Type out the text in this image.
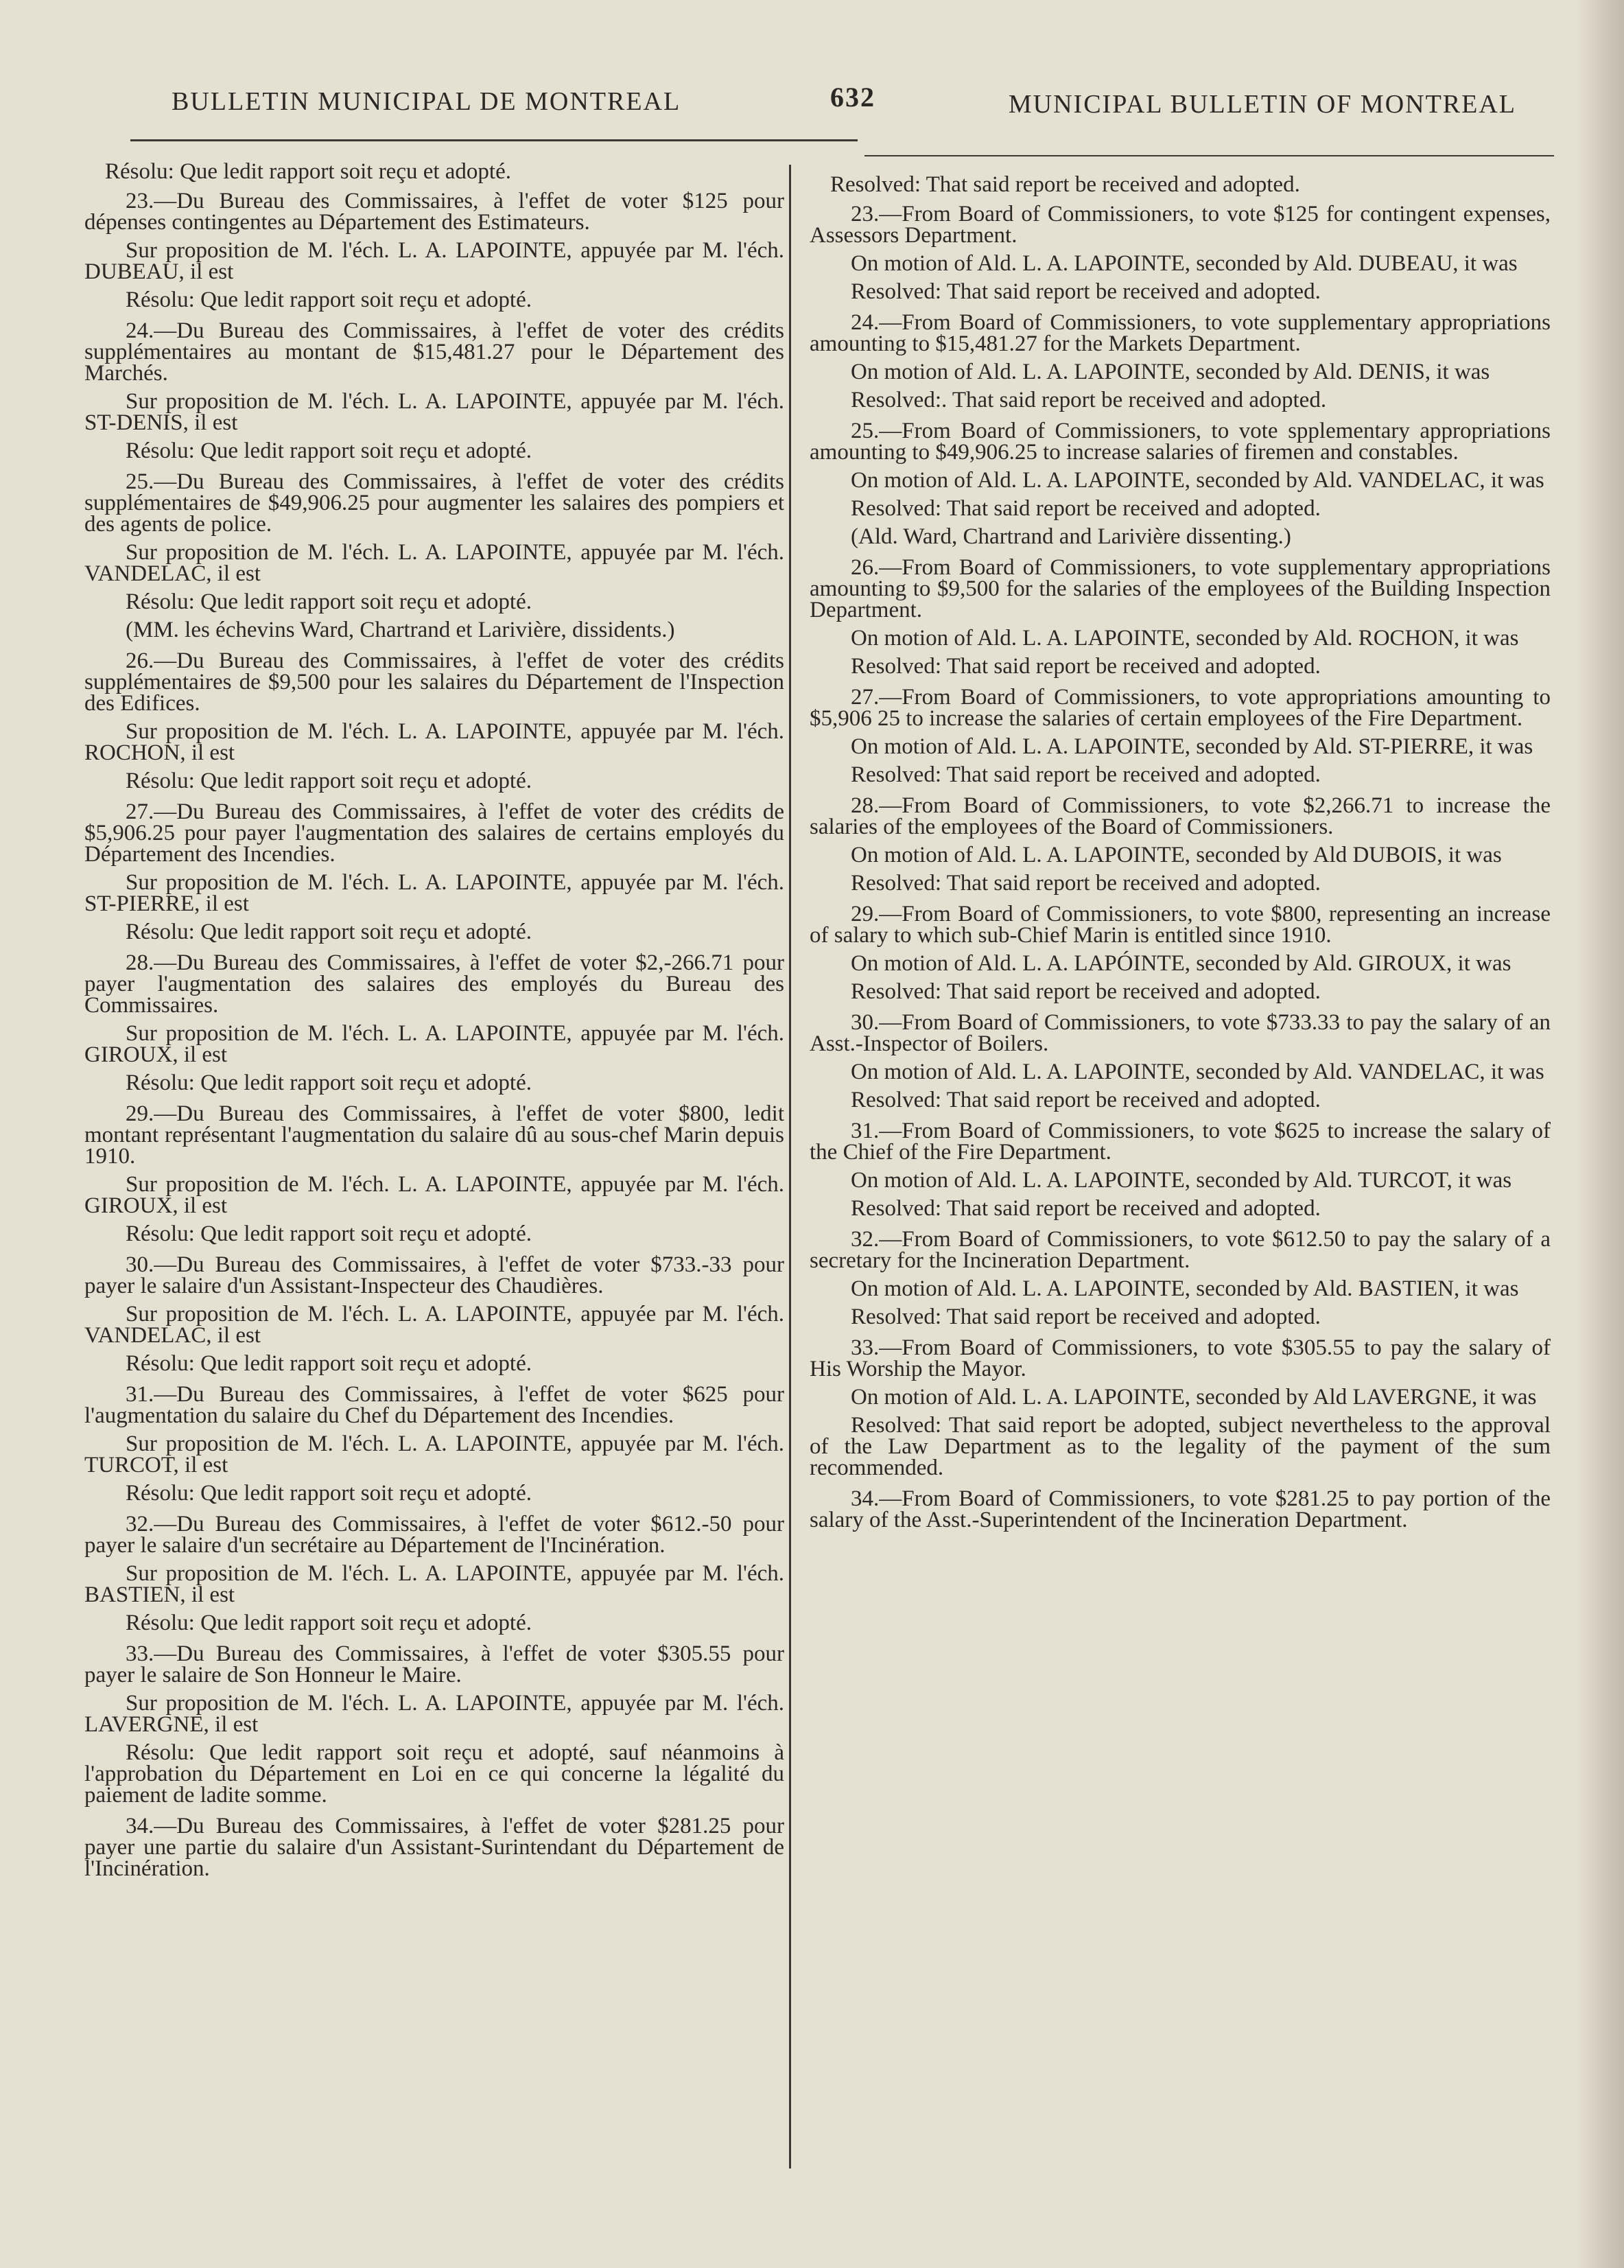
BULLETIN MUNICIPAL DE MONTREAL	632	MUNICIPAL BULLETIN OF MONTREAL

Résolu: Que ledit rapport soit reçu et adopté.

23.—Du Bureau des Commissaires, à l'effet de voter $125 pour dépenses contingentes au Département des Estimateurs.

Sur proposition de M. l'éch. L. A. LAPOINTE, appuyée par M. l'éch. DUBEAU, il est

Résolu: Que ledit rapport soit reçu et adopté.

24.—Du Bureau des Commissaires, à l'effet de voter des crédits supplémentaires au montant de $15,481.27 pour le Département des Marchés.

Sur proposition de M. l'éch. L. A. LAPOINTE, appuyée par M. l'éch. ST-DENIS, il est

Résolu: Que ledit rapport soit reçu et adopté.

25.—Du Bureau des Commissaires, à l'effet de voter des crédits supplémentaires de $49,906.25 pour augmenter les salaires des pompiers et des agents de police.

Sur proposition de M. l'éch. L. A. LAPOINTE, appuyée par M. l'éch. VANDELAC, il est

Résolu: Que ledit rapport soit reçu et adopté.

(MM. les échevins Ward, Chartrand et Larivière, dissidents.)

26.—Du Bureau des Commissaires, à l'effet de voter des crédits supplémentaires de $9,500 pour les salaires du Département de l'Inspection des Edifices.

Sur proposition de M. l'éch. L. A. LAPOINTE, appuyée par M. l'éch. ROCHON, il est

Résolu: Que ledit rapport soit reçu et adopté.

27.—Du Bureau des Commissaires, à l'effet de voter des crédits de $5,906.25 pour payer l'augmentation des salaires de certains employés du Département des Incendies.

Sur proposition de M. l'éch. L. A. LAPOINTE, appuyée par M. l'éch. ST-PIERRE, il est

Résolu: Que ledit rapport soit reçu et adopté.

28.—Du Bureau des Commissaires, à l'effet de voter $2,-266.71 pour payer l'augmentation des salaires des employés du Bureau des Commissaires.

Sur proposition de M. l'éch. L. A. LAPOINTE, appuyée par M. l'éch. GIROUX, il est

Résolu: Que ledit rapport soit reçu et adopté.

29.—Du Bureau des Commissaires, à l'effet de voter $800, ledit montant représentant l'augmentation du salaire dû au sous-chef Marin depuis 1910.

Sur proposition de M. l'éch. L. A. LAPOINTE, appuyée par M. l'éch. GIROUX, il est

Résolu: Que ledit rapport soit reçu et adopté.

30.—Du Bureau des Commissaires, à l'effet de voter $733.-33 pour payer le salaire d'un Assistant-Inspecteur des Chaudières.

Sur proposition de M. l'éch. L. A. LAPOINTE, appuyée par M. l'éch. VANDELAC, il est

Résolu: Que ledit rapport soit reçu et adopté.

31.—Du Bureau des Commissaires, à l'effet de voter $625 pour l'augmentation du salaire du Chef du Département des Incendies.

Sur proposition de M. l'éch. L. A. LAPOINTE, appuyée par M. l'éch. TURCOT, il est

Résolu: Que ledit rapport soit reçu et adopté.

32.—Du Bureau des Commissaires, à l'effet de voter $612.-50 pour payer le salaire d'un secrétaire au Département de l'Incinération.

Sur proposition de M. l'éch. L. A. LAPOINTE, appuyée par M. l'éch. BASTIEN, il est

Résolu: Que ledit rapport soit reçu et adopté.

33.—Du Bureau des Commissaires, à l'effet de voter $305.55 pour payer le salaire de Son Honneur le Maire.

Sur proposition de M. l'éch. L. A. LAPOINTE, appuyée par M. l'éch. LAVERGNE, il est

Résolu: Que ledit rapport soit reçu et adopté, sauf néanmoins à l'approbation du Département en Loi en ce qui concerne la légalité du paiement de ladite somme.

34.—Du Bureau des Commissaires, à l'effet de voter $281.25 pour payer une partie du salaire d'un Assistant-Surintendant du Département de l'Incinération.

Resolved: That said report be received and adopted.

23.—From Board of Commissioners, to vote $125 for contingent expenses, Assessors Department.

On motion of Ald. L. A. LAPOINTE, seconded by Ald. DUBEAU, it was

Resolved: That said report be received and adopted.

24.—From Board of Commissioners, to vote supplementary appropriations amounting to $15,481.27 for the Markets Department.

On motion of Ald. L. A. LAPOINTE, seconded by Ald. DENIS, it was

Resolved:. That said report be received and adopted.

25.—From Board of Commissioners, to vote spplementary appropriations amounting to $49,906.25 to increase salaries of firemen and constables.

On motion of Ald. L. A. LAPOINTE, seconded by Ald. VANDELAC, it was

Resolved: That said report be received and adopted.

(Ald. Ward, Chartrand and Larivière dissenting.)

26.—From Board of Commissioners, to vote supplementary appropriations amounting to $9,500 for the salaries of the employees of the Building Inspection Department.

On motion of Ald. L. A. LAPOINTE, seconded by Ald. ROCHON, it was

Resolved: That said report be received and adopted.

27.—From Board of Commissioners, to vote appropriations amounting to $5,906 25 to increase the salaries of certain employees of the Fire Department.

On motion of Ald. L. A. LAPOINTE, seconded by Ald. ST-PIERRE, it was

Resolved: That said report be received and adopted.

28.—From Board of Commissioners, to vote $2,266.71 to increase the salaries of the employees of the Board of Commissioners.

On motion of Ald. L. A. LAPOINTE, seconded by Ald DUBOIS, it was

Resolved: That said report be received and adopted.

29.—From Board of Commissioners, to vote $800, representing an increase of salary to which sub-Chief Marin is entitled since 1910.

On motion of Ald. L. A. LAPÓINTE, seconded by Ald. GIROUX, it was

Resolved: That said report be received and adopted.

30.—From Board of Commissioners, to vote $733.33 to pay the salary of an Asst.-Inspector of Boilers.

On motion of Ald. L. A. LAPOINTE, seconded by Ald. VANDELAC, it was

Resolved: That said report be received and adopted.

31.—From Board of Commissioners, to vote $625 to increase the salary of the Chief of the Fire Department.

On motion of Ald. L. A. LAPOINTE, seconded by Ald. TURCOT, it was

Resolved: That said report be received and adopted.

32.—From Board of Commissioners, to vote $612.50 to pay the salary of a secretary for the Incineration Department.

On motion of Ald. L. A. LAPOINTE, seconded by Ald. BASTIEN, it was

Resolved: That said report be received and adopted.

33.—From Board of Commissioners, to vote $305.55 to pay the salary of His Worship the Mayor.

On motion of Ald. L. A. LAPOINTE, seconded by Ald LAVERGNE, it was

Resolved: That said report be adopted, subject nevertheless to the approval of the Law Department as to the legality of the payment of the sum recommended.

34.—From Board of Commissioners, to vote $281.25 to pay portion of the salary of the Asst.-Superintendent of the Incineration Department.
